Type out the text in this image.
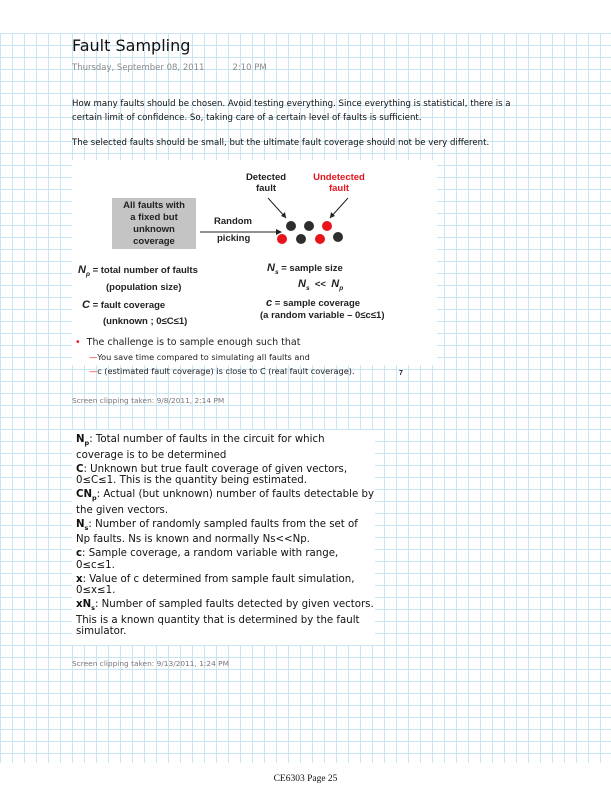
Fault Sampling
Thursday, September 08, 2011	2:10 PM
How many faults should be chosen. Avoid testing everything. Since everything is statistical, there is a
certain limit of confidence. So, taking care of a certain level of faults is sufficient.
The selected faults should be small, but the ultimate fault coverage should not be very different.
All faults with
a fixed but
unknown
coverage
Random
picking
Detected
fault
Undetected
fault
$N_p$ = total number of faults
(population size)
C = fault coverage
(unknown ; 0≤C≤1)
$N_s$ = sample size
$N_s << N_p$
c = sample coverage
(a random variable – 0≤c≤1)
• The challenge is to sample enough such that
—You save time compared to simulating all faults and
—c (estimated fault coverage) is close to C (real fault coverage).	7
Screen clipping taken: 9/8/2011, 2:14 PM

$N_p$: Total number of faults in the circuit for which coverage is to be determined

C: Unknown but true fault coverage of given vectors, 0≤C≤1. This is the quantity being estimated.

$CN_p$: Actual (but unknown) number of faults detectable by the given vectors.

$N_s$: Number of randomly sampled faults from the set of Np faults. Ns is known and normally Ns<<Np.

c: Sample coverage, a random variable with range, 0≤c≤1.

x: Value of c determined from sample fault simulation, 0≤x≤1.

$xN_s$: Number of sampled faults detected by given vectors. This is a known quantity that is determined by the fault simulator.

Screen clipping taken: 9/13/2011, 1:24 PM
CE6303 Page 25
